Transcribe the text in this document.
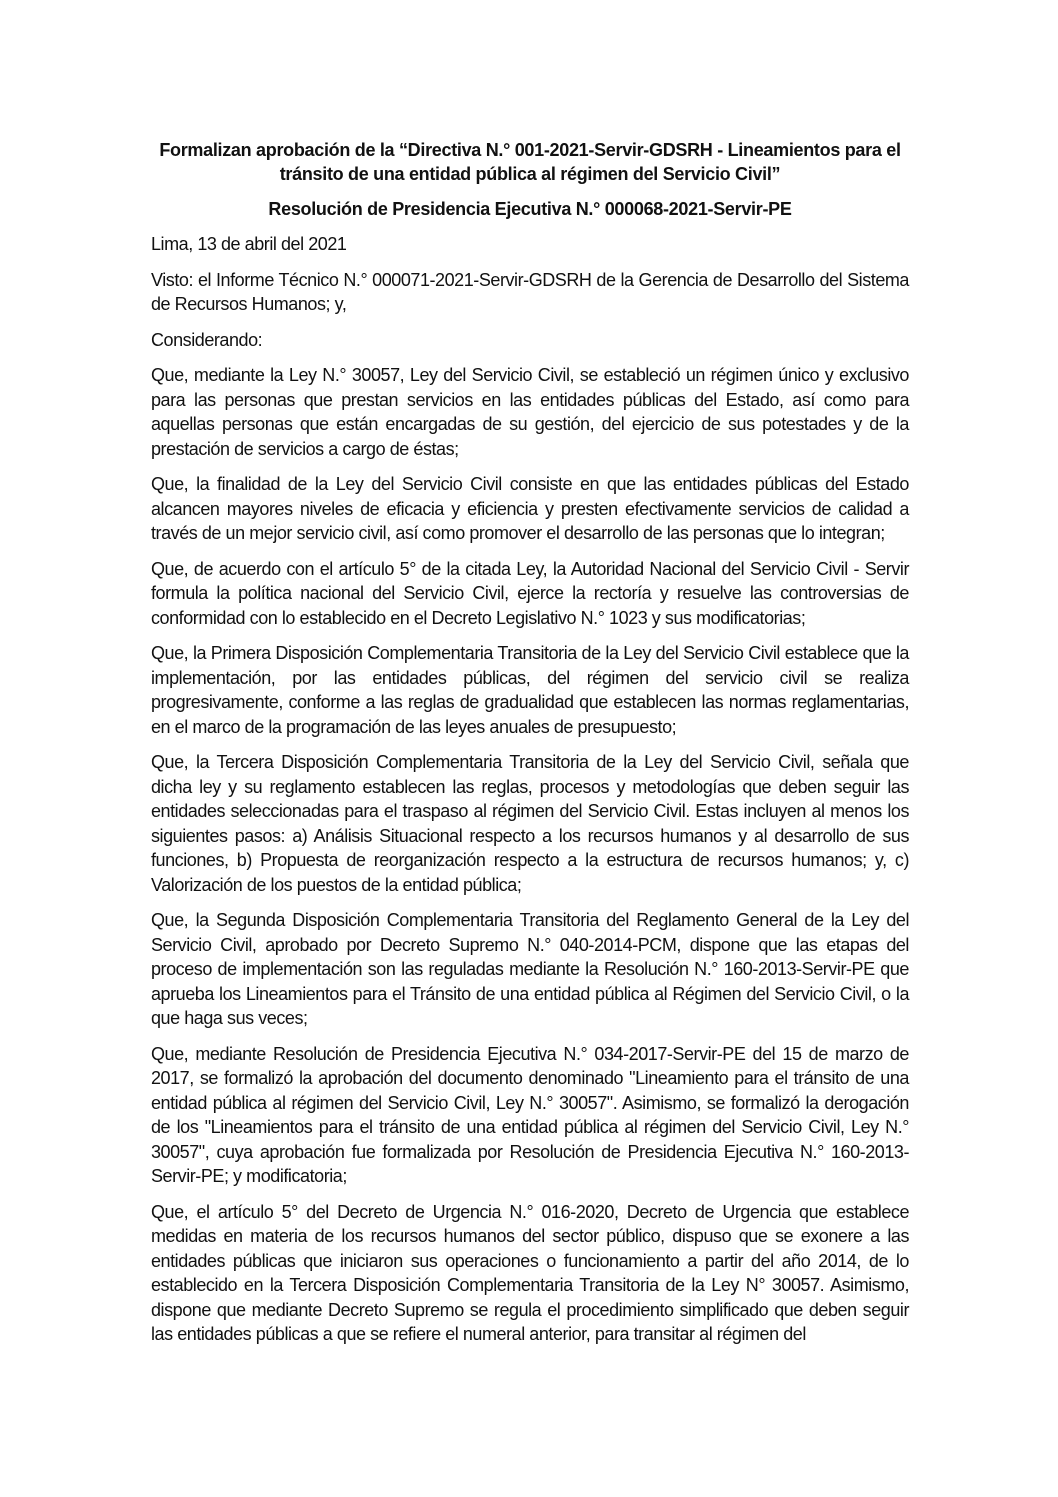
Formalizan aprobación de la “Directiva N.° 001-2021-Servir-GDSRH - Lineamientos para el tránsito de una entidad pública al régimen del Servicio Civil”

Resolución de Presidencia Ejecutiva N.° 000068-2021-Servir-PE

Lima, 13 de abril del 2021

Visto: el Informe Técnico N.° 000071-2021-Servir-GDSRH de la Gerencia de Desarrollo del Sistema de Recursos Humanos; y,

Considerando:

Que, mediante la Ley N.° 30057, Ley del Servicio Civil, se estableció un régimen único y exclusivo para las personas que prestan servicios en las entidades públicas del Estado, así como para aquellas personas que están encargadas de su gestión, del ejercicio de sus potestades y de la prestación de servicios a cargo de éstas;

Que, la finalidad de la Ley del Servicio Civil consiste en que las entidades públicas del Estado alcancen mayores niveles de eficacia y eficiencia y presten efectivamente servicios de calidad a través de un mejor servicio civil, así como promover el desarrollo de las personas que lo integran;

Que, de acuerdo con el artículo 5° de la citada Ley, la Autoridad Nacional del Servicio Civil - Servir formula la política nacional del Servicio Civil, ejerce la rectoría y resuelve las controversias de conformidad con lo establecido en el Decreto Legislativo N.° 1023 y sus modificatorias;

Que, la Primera Disposición Complementaria Transitoria de la Ley del Servicio Civil establece que la implementación, por las entidades públicas, del régimen del servicio civil se realiza progresivamente, conforme a las reglas de gradualidad que establecen las normas reglamentarias, en el marco de la programación de las leyes anuales de presupuesto;

Que, la Tercera Disposición Complementaria Transitoria de la Ley del Servicio Civil, señala que dicha ley y su reglamento establecen las reglas, procesos y metodologías que deben seguir las entidades seleccionadas para el traspaso al régimen del Servicio Civil. Estas incluyen al menos los siguientes pasos: a) Análisis Situacional respecto a los recursos humanos y al desarrollo de sus funciones, b) Propuesta de reorganización respecto a la estructura de recursos humanos; y, c) Valorización de los puestos de la entidad pública;

Que, la Segunda Disposición Complementaria Transitoria del Reglamento General de la Ley del Servicio Civil, aprobado por Decreto Supremo N.° 040-2014-PCM, dispone que las etapas del proceso de implementación son las reguladas mediante la Resolución N.° 160-2013-Servir-PE que aprueba los Lineamientos para el Tránsito de una entidad pública al Régimen del Servicio Civil, o la que haga sus veces;

Que, mediante Resolución de Presidencia Ejecutiva N.° 034-2017-Servir-PE del 15 de marzo de 2017, se formalizó la aprobación del documento denominado "Lineamiento para el tránsito de una entidad pública al régimen del Servicio Civil, Ley N.° 30057". Asimismo, se formalizó la derogación de los "Lineamientos para el tránsito de una entidad pública al régimen del Servicio Civil, Ley N.° 30057", cuya aprobación fue formalizada por Resolución de Presidencia Ejecutiva N.° 160-2013-Servir-PE; y modificatoria;

Que, el artículo 5° del Decreto de Urgencia N.° 016-2020, Decreto de Urgencia que establece medidas en materia de los recursos humanos del sector público, dispuso que se exonere a las entidades públicas que iniciaron sus operaciones o funcionamiento a partir del año 2014, de lo establecido en la Tercera Disposición Complementaria Transitoria de la Ley N° 30057. Asimismo, dispone que mediante Decreto Supremo se regula el procedimiento simplificado que deben seguir las entidades públicas a que se refiere el numeral anterior, para transitar al régimen del
